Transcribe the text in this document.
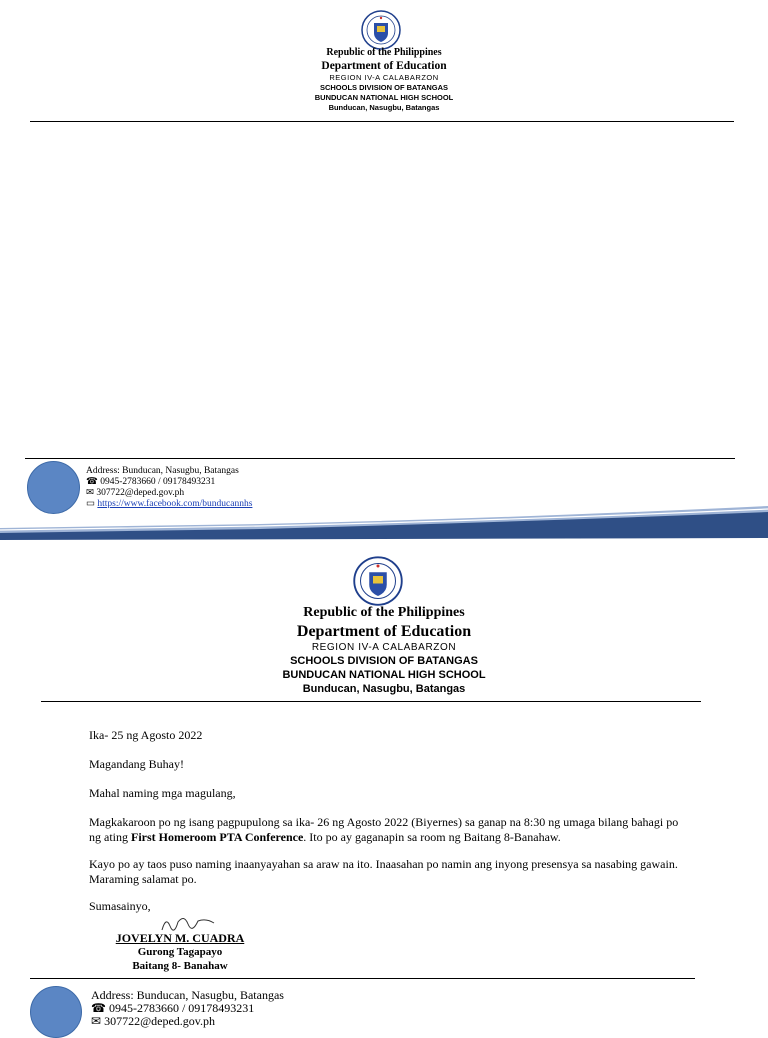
Republic of the Philippines
Department of Education
REGION IV-A CALABARZON
SCHOOLS DIVISION OF BATANGAS
BUNDUCAN NATIONAL HIGH SCHOOL
Bunducan, Nasugbu, Batangas
Address: Bunducan, Nasugbu, Batangas
☎ 0945-2783660 / 09178493231
✉ 307722@deped.gov.ph
▭ https://www.facebook.com/bunducannhs
Republic of the Philippines
Department of Education
REGION IV-A CALABARZON
SCHOOLS DIVISION OF BATANGAS
BUNDUCAN NATIONAL HIGH SCHOOL
Bunducan, Nasugbu, Batangas

Ika- 25 ng Agosto 2022

Magandang Buhay!

Mahal naming mga magulang,

Magkakaroon po ng isang pagpupulong sa ika- 26 ng Agosto 2022 (Biyernes) sa ganap na 8:30 ng umaga bilang bahagi po ng ating First Homeroom PTA Conference. Ito po ay gaganapin sa room ng Baitang 8-Banahaw.

Kayo po ay taos puso naming inaanyayahan sa araw na ito. Inaasahan po namin ang inyong presensya sa nasabing gawain. Maraming salamat po.

Sumasainyo,

JOVELYN M. CUADRA
Gurong Tagapayo
Baitang 8- Banahaw
Address: Bunducan, Nasugbu, Batangas
☎ 0945-2783660 / 09178493231
✉ 307722@deped.gov.ph
